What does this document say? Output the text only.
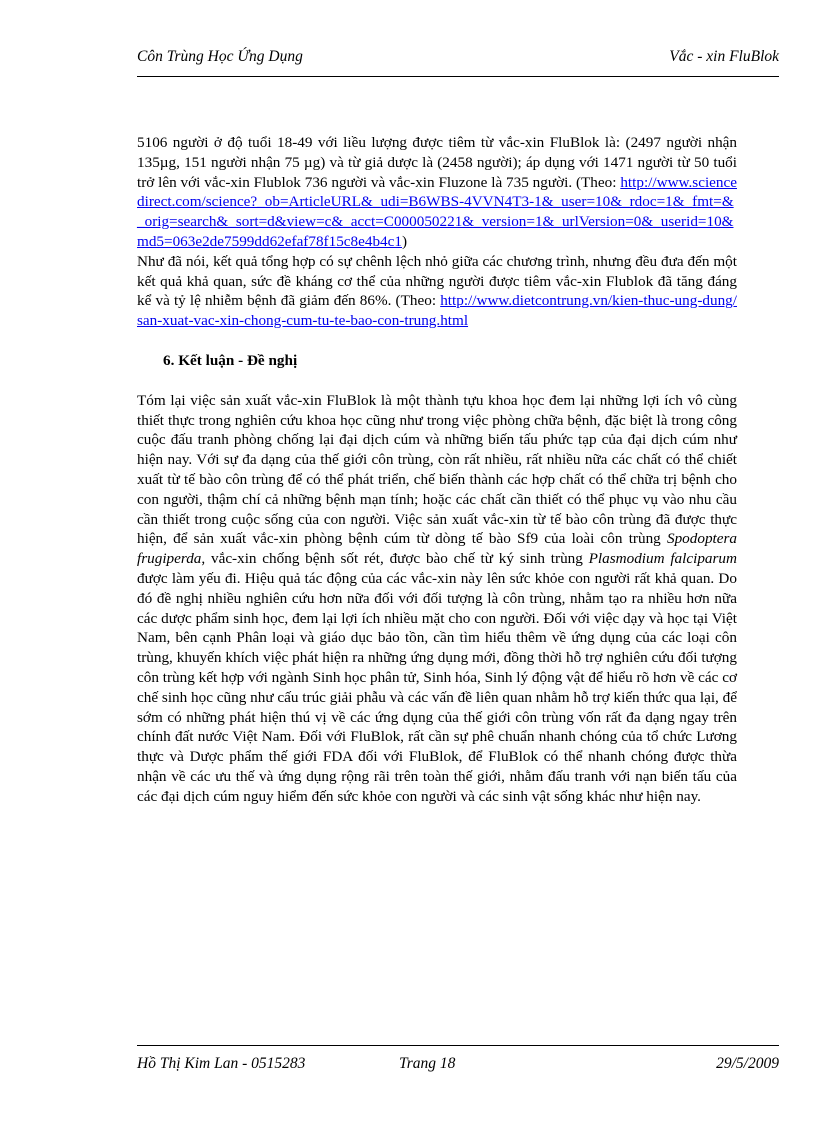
Côn Trùng Học Ứng Dụng	Vắc - xin FluBlok

5106 người ở độ tuổi 18-49 với liều lượng được tiêm từ vắc-xin FluBlok là: (2497 người nhận 135µg, 151 người nhận 75 µg) và từ giả dược là (2458 người); áp dụng với 1471 người từ 50 tuổi trở lên với vắc-xin Flublok 736 người và vắc-xin Fluzone là 735 người. (Theo: http://www.sciencedirect.com/science?_ob=ArticleURL&_udi=B6WBS-4VVN4T3-1&_user=10&_rdoc=1&_fmt=&_orig=search&_sort=d&view=c&_acct=C000050221&_version=1&_urlVersion=0&_userid=10&md5=063e2de7599dd62efaf78f15c8e4b4c1)

Như đã nói, kết quả tổng hợp có sự chênh lệch nhỏ giữa các chương trình, nhưng đều đưa đến một kết quả khả quan, sức đề kháng cơ thể của những người được tiêm vắc-xin Flublok đã tăng đáng kể và tỷ lệ nhiễm bệnh đã giảm đến 86%. (Theo: http://www.dietcontrung.vn/kien-thuc-ung-dung/san-xuat-vac-xin-chong-cum-tu-te-bao-con-trung.html

6. Kết luận - Đề nghị

Tóm lại việc sản xuất vắc-xin FluBlok là một thành tựu khoa học đem lại những lợi ích vô cùng thiết thực trong nghiên cứu khoa học cũng như trong việc phòng chữa bệnh, đặc biệt là trong công cuộc đấu tranh phòng chống lại đại dịch cúm và những biến tấu phức tạp của đại dịch cúm như hiện nay. Với sự đa dạng của thế giới côn trùng, còn rất nhiều, rất nhiều nữa các chất có thể chiết xuất từ tế bào côn trùng để có thể phát triển, chế biến thành các hợp chất có thể chữa trị bệnh cho con người, thậm chí cả những bệnh mạn tính; hoặc các chất cần thiết có thể phục vụ vào nhu cầu cần thiết trong cuộc sống của con người. Việc sản xuất vắc-xin từ tế bào côn trùng đã được thực hiện, để sản xuất vắc-xin phòng bệnh cúm từ dòng tế bào Sf9 của loài côn trùng Spodoptera frugiperda, vắc-xin chống bệnh sốt rét, được bào chế từ ký sinh trùng Plasmodium falciparum được làm yếu đi. Hiệu quả tác động của các vắc-xin này lên sức khỏe con người rất khả quan. Do đó đề nghị nhiều nghiên cứu hơn nữa đối với đối tượng là côn trùng, nhằm tạo ra nhiều hơn nữa các dược phẩm sinh học, đem lại lợi ích nhiều mặt cho con người. Đối với việc dạy và học tại Việt Nam, bên cạnh Phân loại và giáo dục bảo tồn, cần tìm hiểu thêm về ứng dụng của các loại côn trùng, khuyến khích việc phát hiện ra những ứng dụng mới, đồng thời hỗ trợ nghiên cứu đối tượng côn trùng kết hợp với ngành Sinh học phân tử, Sinh hóa, Sinh lý động vật để hiểu rõ hơn về các cơ chế sinh học cũng như cấu trúc giải phẫu và các vấn đề liên quan nhằm hỗ trợ kiến thức qua lại, để sớm có những phát hiện thú vị về các ứng dụng của thế giới côn trùng vốn rất đa dạng ngay trên chính đất nước Việt Nam. Đối với FluBlok, rất cần sự phê chuẩn nhanh chóng của tổ chức Lương thực và Dược phẩm thế giới FDA đối với FluBlok, để FluBlok có thể nhanh chóng được thừa nhận về các ưu thế và ứng dụng rộng rãi trên toàn thế giới, nhằm đấu tranh với nạn biến tấu của các đại dịch cúm nguy hiểm đến sức khỏe con người và các sinh vật sống khác như hiện nay.

Hồ Thị Kim Lan - 0515283	Trang 18	29/5/2009
